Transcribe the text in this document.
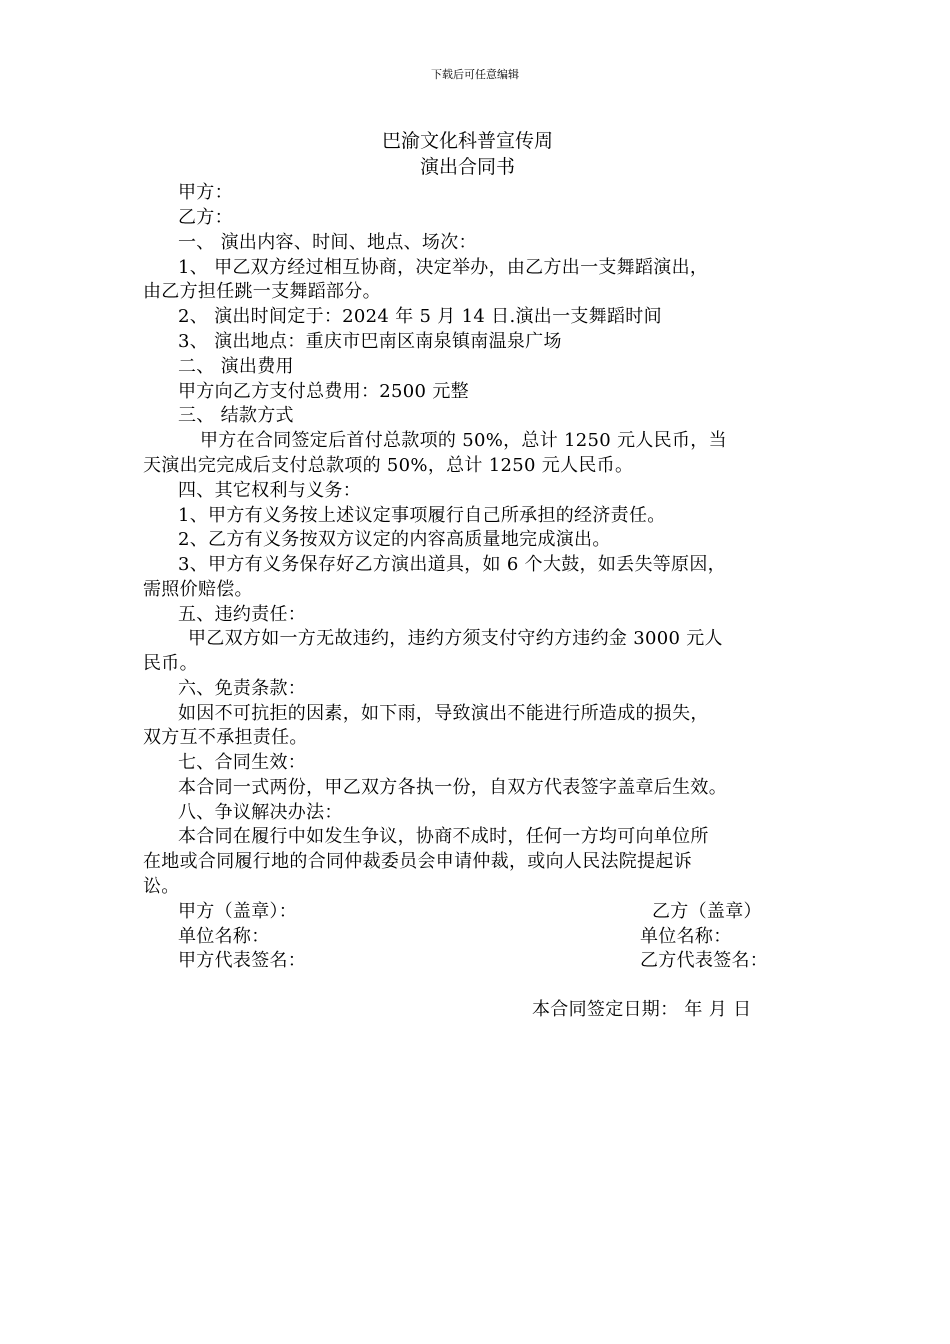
下载后可任意编辑
巴渝文化科普宣传周
演出合同书
甲方：
乙方：
一、 演出内容、时间、地点、场次：
1、 甲乙双方经过相互协商，决定举办，由乙方出一支舞蹈演出，
由乙方担任跳一支舞蹈部分。
2、 演出时间定于：2024 年 5 月 14 日.演出一支舞蹈时间
3、 演出地点：重庆市巴南区南泉镇南温泉广场
二、 演出费用
甲方向乙方支付总费用：2500 元整
三、 结款方式
甲方在合同签定后首付总款项的 50%，总计 1250 元人民币，当
天演出完完成后支付总款项的 50%，总计 1250 元人民币。
四、其它权利与义务：
1、甲方有义务按上述议定事项履行自己所承担的经济责任。
2、乙方有义务按双方议定的内容高质量地完成演出。
3、甲方有义务保存好乙方演出道具，如 6 个大鼓，如丢失等原因，
需照价赔偿。
五、违约责任：
甲乙双方如一方无故违约，违约方须支付守约方违约金 3000 元人
民币。
六、免责条款：
如因不可抗拒的因素，如下雨，导致演出不能进行所造成的损失，
双方互不承担责任。
七、合同生效：
本合同一式两份，甲乙双方各执一份，自双方代表签字盖章后生效。
八、争议解决办法：
本合同在履行中如发生争议，协商不成时，任何一方均可向单位所
在地或合同履行地的合同仲裁委员会申请仲裁，或向人民法院提起诉
讼。
甲方（盖章）：	乙方（盖章）
单位名称：	单位名称：
甲方代表签名：	乙方代表签名：
本合同签定日期： 年 月 日
